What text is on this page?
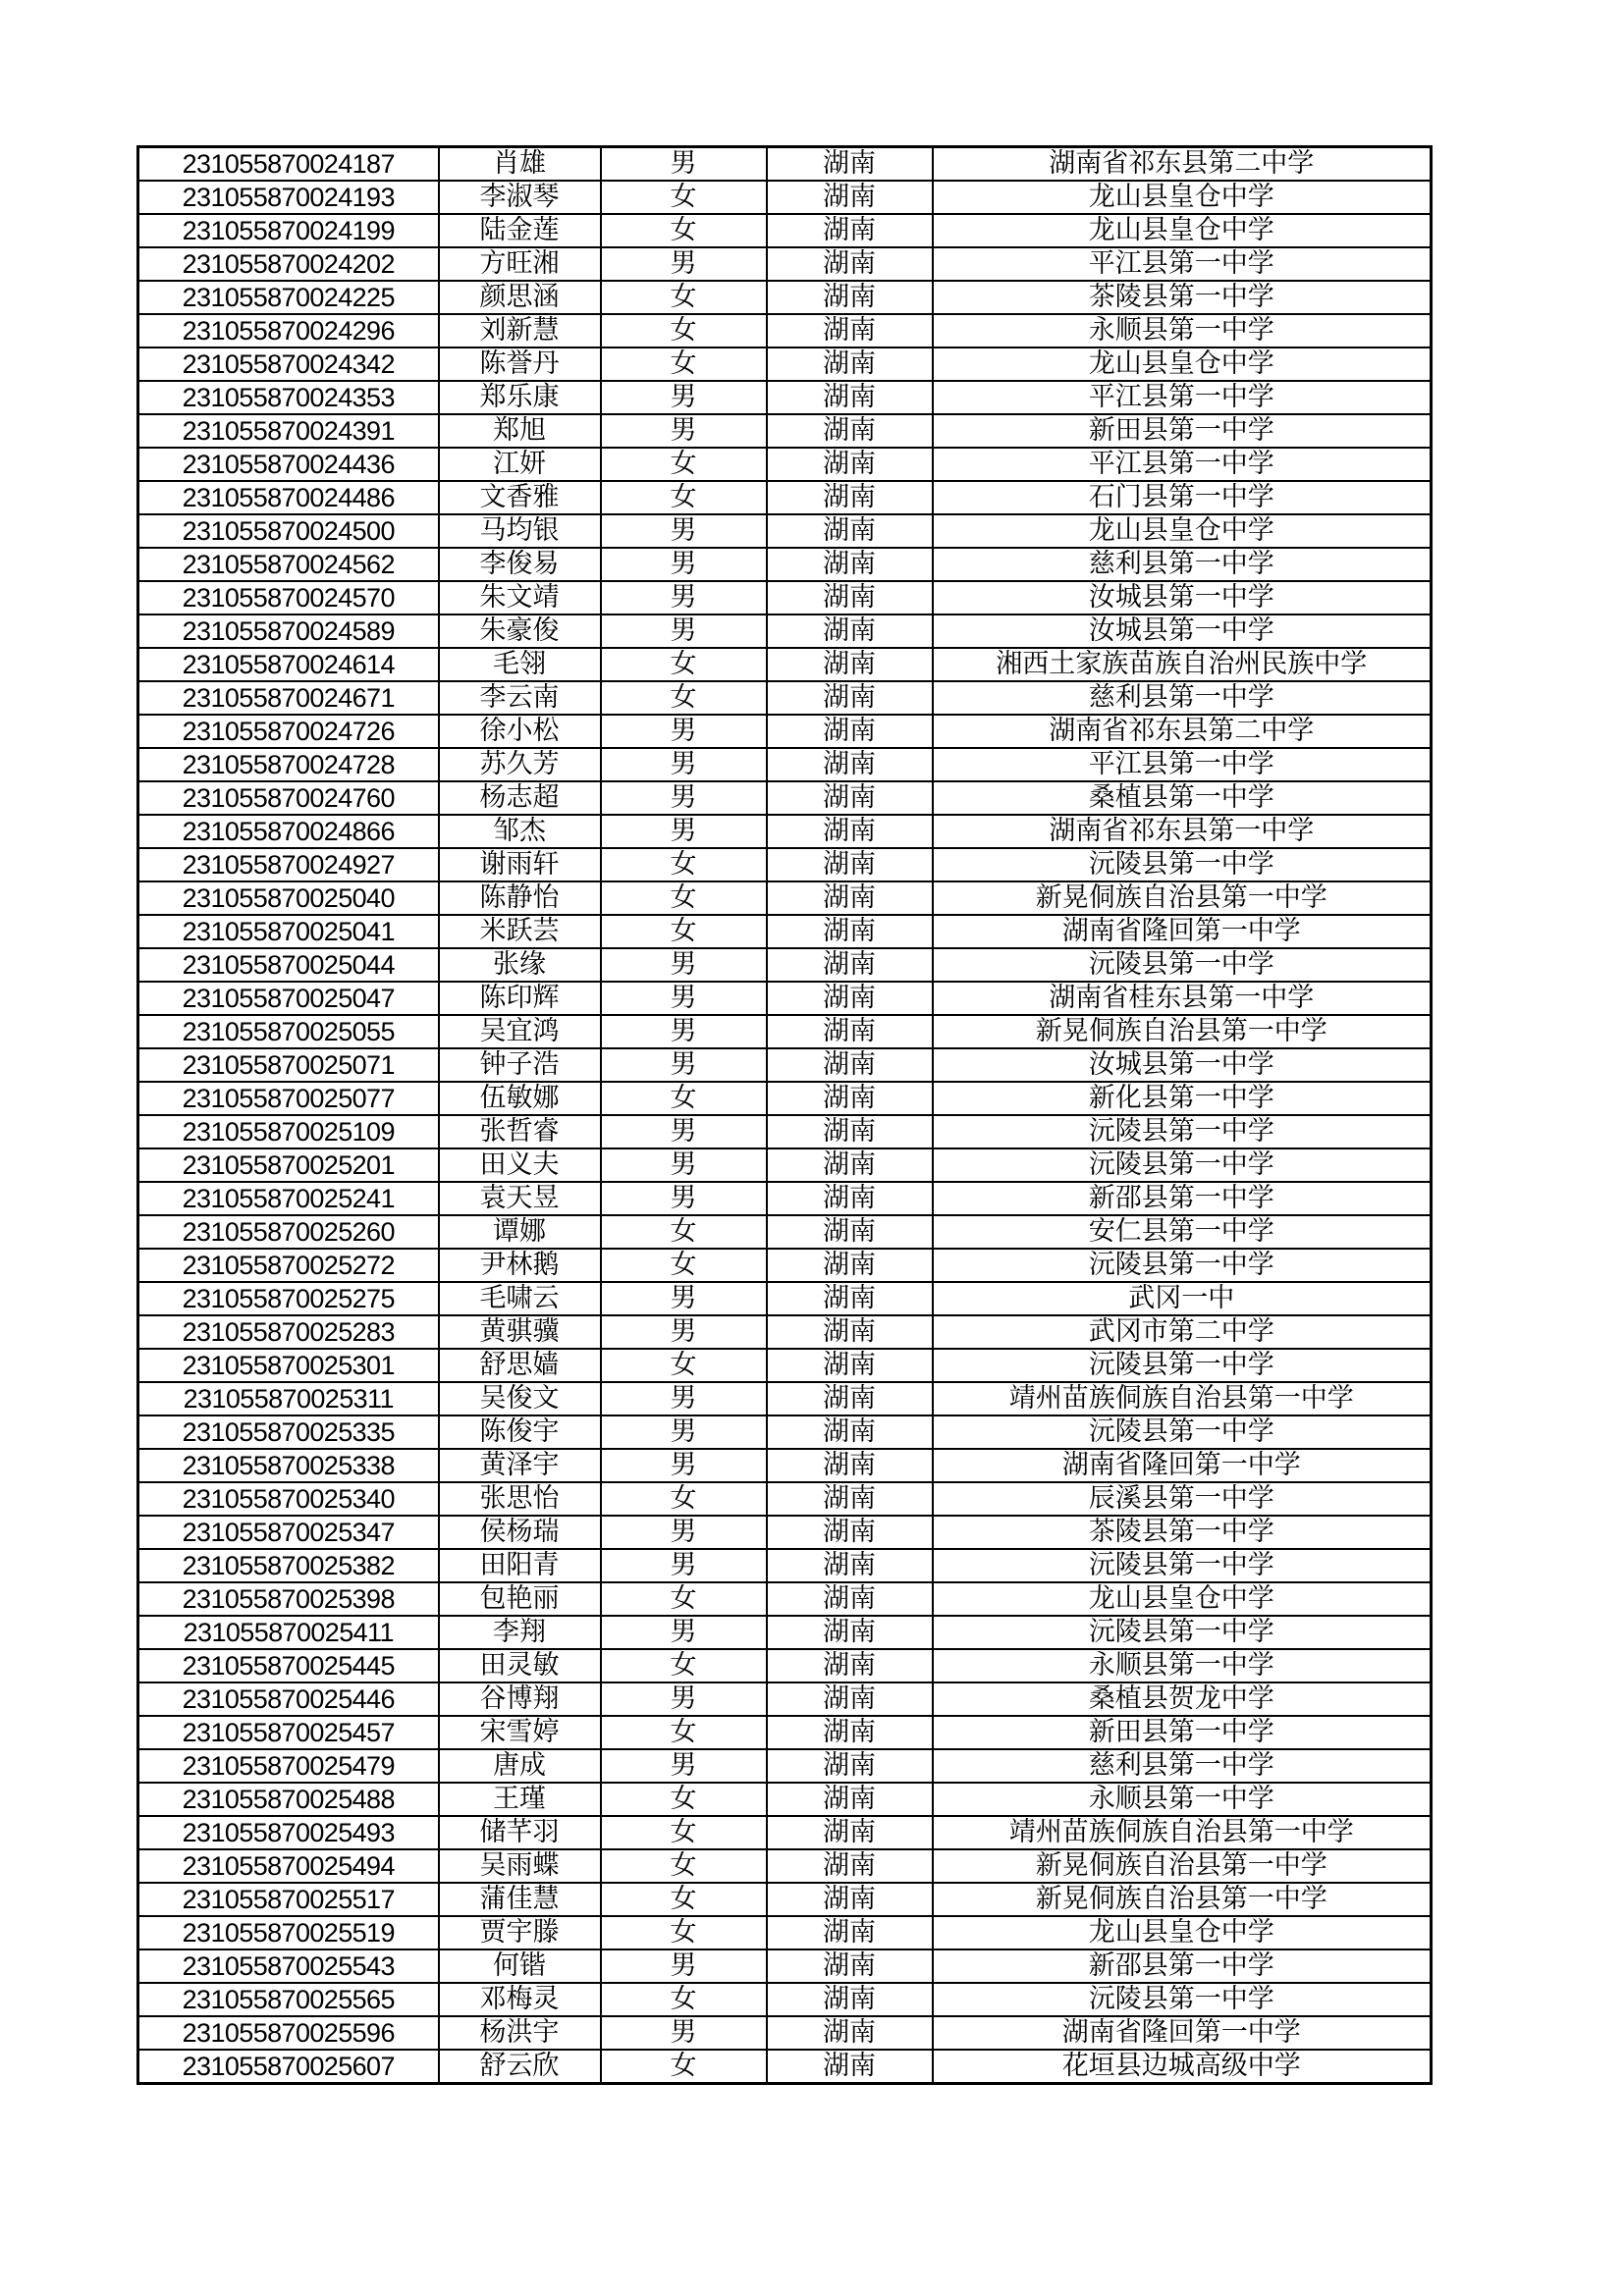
231055870024187	肖雄	男	湖南	湖南省祁东县第二中学
231055870024193	李淑琴	女	湖南	龙山县皇仓中学
231055870024199	陆金莲	女	湖南	龙山县皇仓中学
231055870024202	方旺湘	男	湖南	平江县第一中学
231055870024225	颜思涵	女	湖南	茶陵县第一中学
231055870024296	刘新慧	女	湖南	永顺县第一中学
231055870024342	陈誉丹	女	湖南	龙山县皇仓中学
231055870024353	郑乐康	男	湖南	平江县第一中学
231055870024391	郑旭	男	湖南	新田县第一中学
231055870024436	江妍	女	湖南	平江县第一中学
231055870024486	文香雅	女	湖南	石门县第一中学
231055870024500	马均银	男	湖南	龙山县皇仓中学
231055870024562	李俊易	男	湖南	慈利县第一中学
231055870024570	朱文靖	男	湖南	汝城县第一中学
231055870024589	朱豪俊	男	湖南	汝城县第一中学
231055870024614	毛翎	女	湖南	湘西土家族苗族自治州民族中学
231055870024671	李云南	女	湖南	慈利县第一中学
231055870024726	徐小松	男	湖南	湖南省祁东县第二中学
231055870024728	苏久芳	男	湖南	平江县第一中学
231055870024760	杨志超	男	湖南	桑植县第一中学
231055870024866	邹杰	男	湖南	湖南省祁东县第一中学
231055870024927	谢雨轩	女	湖南	沅陵县第一中学
231055870025040	陈静怡	女	湖南	新晃侗族自治县第一中学
231055870025041	米跃芸	女	湖南	湖南省隆回第一中学
231055870025044	张缘	男	湖南	沅陵县第一中学
231055870025047	陈印辉	男	湖南	湖南省桂东县第一中学
231055870025055	吴宜鸿	男	湖南	新晃侗族自治县第一中学
231055870025071	钟子浩	男	湖南	汝城县第一中学
231055870025077	伍敏娜	女	湖南	新化县第一中学
231055870025109	张哲睿	男	湖南	沅陵县第一中学
231055870025201	田义夫	男	湖南	沅陵县第一中学
231055870025241	袁天昱	男	湖南	新邵县第一中学
231055870025260	谭娜	女	湖南	安仁县第一中学
231055870025272	尹林鹅	女	湖南	沅陵县第一中学
231055870025275	毛啸云	男	湖南	武冈一中
231055870025283	黄骐骥	男	湖南	武冈市第二中学
231055870025301	舒思嫱	女	湖南	沅陵县第一中学
231055870025311	吴俊文	男	湖南	靖州苗族侗族自治县第一中学
231055870025335	陈俊宇	男	湖南	沅陵县第一中学
231055870025338	黄泽宇	男	湖南	湖南省隆回第一中学
231055870025340	张思怡	女	湖南	辰溪县第一中学
231055870025347	侯杨瑞	男	湖南	茶陵县第一中学
231055870025382	田阳青	男	湖南	沅陵县第一中学
231055870025398	包艳丽	女	湖南	龙山县皇仓中学
231055870025411	李翔	男	湖南	沅陵县第一中学
231055870025445	田灵敏	女	湖南	永顺县第一中学
231055870025446	谷博翔	男	湖南	桑植县贺龙中学
231055870025457	宋雪婷	女	湖南	新田县第一中学
231055870025479	唐成	男	湖南	慈利县第一中学
231055870025488	王瑾	女	湖南	永顺县第一中学
231055870025493	储芊羽	女	湖南	靖州苗族侗族自治县第一中学
231055870025494	吴雨蝶	女	湖南	新晃侗族自治县第一中学
231055870025517	蒲佳慧	女	湖南	新晃侗族自治县第一中学
231055870025519	贾宇滕	女	湖南	龙山县皇仓中学
231055870025543	何锴	男	湖南	新邵县第一中学
231055870025565	邓梅灵	女	湖南	沅陵县第一中学
231055870025596	杨洪宇	男	湖南	湖南省隆回第一中学
231055870025607	舒云欣	女	湖南	花垣县边城高级中学
